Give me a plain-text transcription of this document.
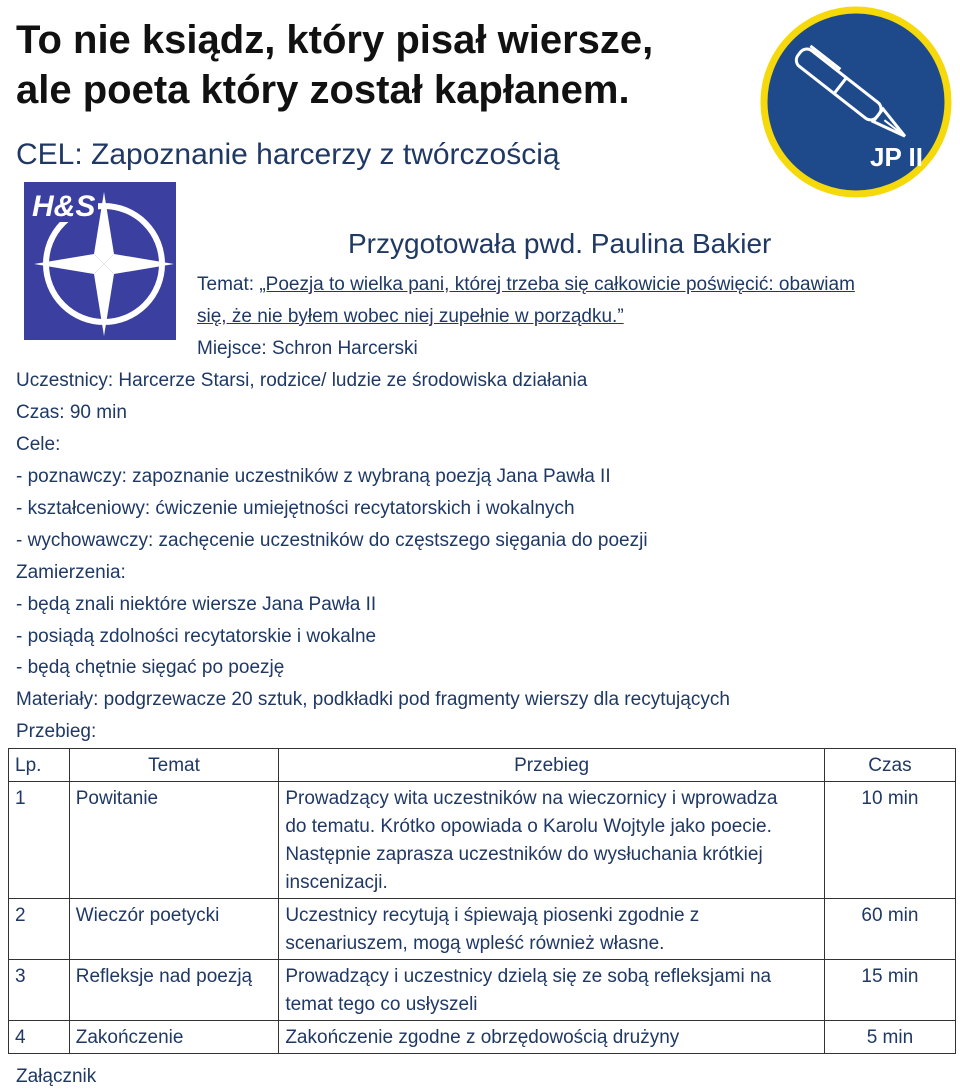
To nie ksiądz, który pisał wiersze,
ale poeta który został kapłanem.
CEL: Zapoznanie harcerzy z twórczością
H&S
JP II
Przygotowała pwd. Paulina Bakier
Temat: „Poezja to wielka pani, której trzeba się całkowicie poświęcić: obawiam
się, że nie byłem wobec niej zupełnie w porządku.”
Miejsce: Schron Harcerski
Uczestnicy: Harcerze Starsi, rodzice/ ludzie ze środowiska działania
Czas: 90 min
Cele:
- poznawczy: zapoznanie uczestników z wybraną poezją Jana Pawła II
- kształceniowy: ćwiczenie umiejętności recytatorskich i wokalnych
- wychowawczy: zachęcenie uczestników do częstszego sięgania do poezji
Zamierzenia:
- będą znali niektóre wiersze Jana Pawła II
- posiądą zdolności recytatorskie i wokalne
- będą chętnie sięgać po poezję
Materiały: podgrzewacze 20 sztuk, podkładki pod fragmenty wierszy dla recytujących
Przebieg:
Lp.	Temat	Przebieg	Czas
1	Powitanie	Prowadzący wita uczestników na wieczornicy i wprowadza do tematu. Krótko opowiada o Karolu Wojtyle jako poecie. Następnie zaprasza uczestników do wysłuchania krótkiej inscenizacji.	10 min
2	Wieczór poetycki	Uczestnicy recytują i śpiewają piosenki zgodnie z scenariuszem, mogą wpleść również własne.	60 min
3	Refleksje nad poezją	Prowadzący i uczestnicy dzielą się ze sobą refleksjami na temat tego co usłyszeli	15 min
4	Zakończenie	Zakończenie zgodne z obrzędowością drużyny	5 min
Załącznik
